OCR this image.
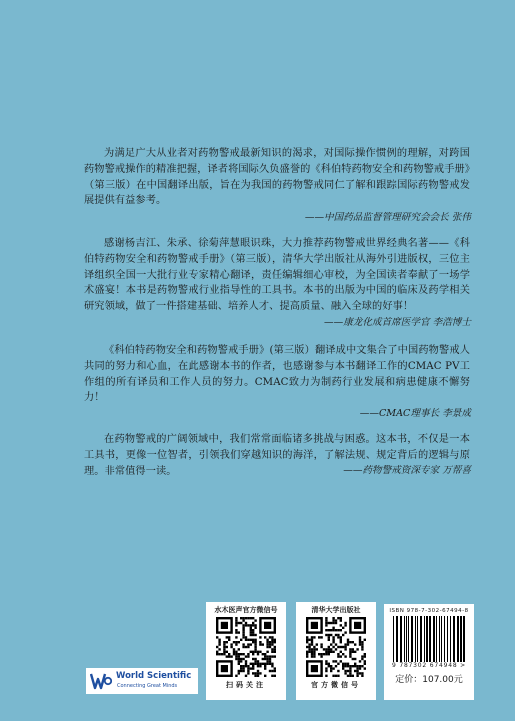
为满足广大从业者对药物警戒最新知识的渴求，对国际操作惯例的理解，对跨国药物警戒操作的精准把握，译者将国际久负盛誉的《科伯特药物安全和药物警戒手册》（第三版）在中国翻译出版，旨在为我国的药物警戒同仁了解和跟踪国际药物警戒发展提供有益参考。

——中国药品监督管理研究会会长 张伟

感谢杨吉江、朱承、徐菊萍慧眼识珠，大力推荐药物警戒世界经典名著——《科伯特药物安全和药物警戒手册》（第三版），清华大学出版社从海外引进版权，三位主译组织全国一大批行业专家精心翻译，责任编辑细心审校，为全国读者奉献了一场学术盛宴！本书是药物警戒行业指导性的工具书。本书的出版为中国的临床及药学相关研究领域，做了一件搭建基础、培养人才、提高质量、融入全球的好事！

——康龙化成首席医学官 李浩博士

《科伯特药物安全和药物警戒手册》(第三版）翻译成中文集合了中国药物警戒人共同的努力和心血，在此感谢本书的作者，也感谢参与本书翻译工作的CMAC PV工作组的所有译员和工作人员的努力。CMAC致力为制药行业发展和病患健康不懈努力！

——CMAC理事长 李景成

在药物警戒的广阔领域中，我们常常面临诸多挑战与困惑。这本书，不仅是一本工具书，更像一位智者，引领我们穿越知识的海洋，了解法规、规定背后的逻辑与原理。非常值得一读。	——药物警戒资深专家 万帮喜

World Scientific
Connecting Great Minds
水木医声官方微信号
扫码关注
清华大学出版社
官方微信号
ISBN 978-7-302-67494-8
9 787302 674948 >
定价：107.00元
